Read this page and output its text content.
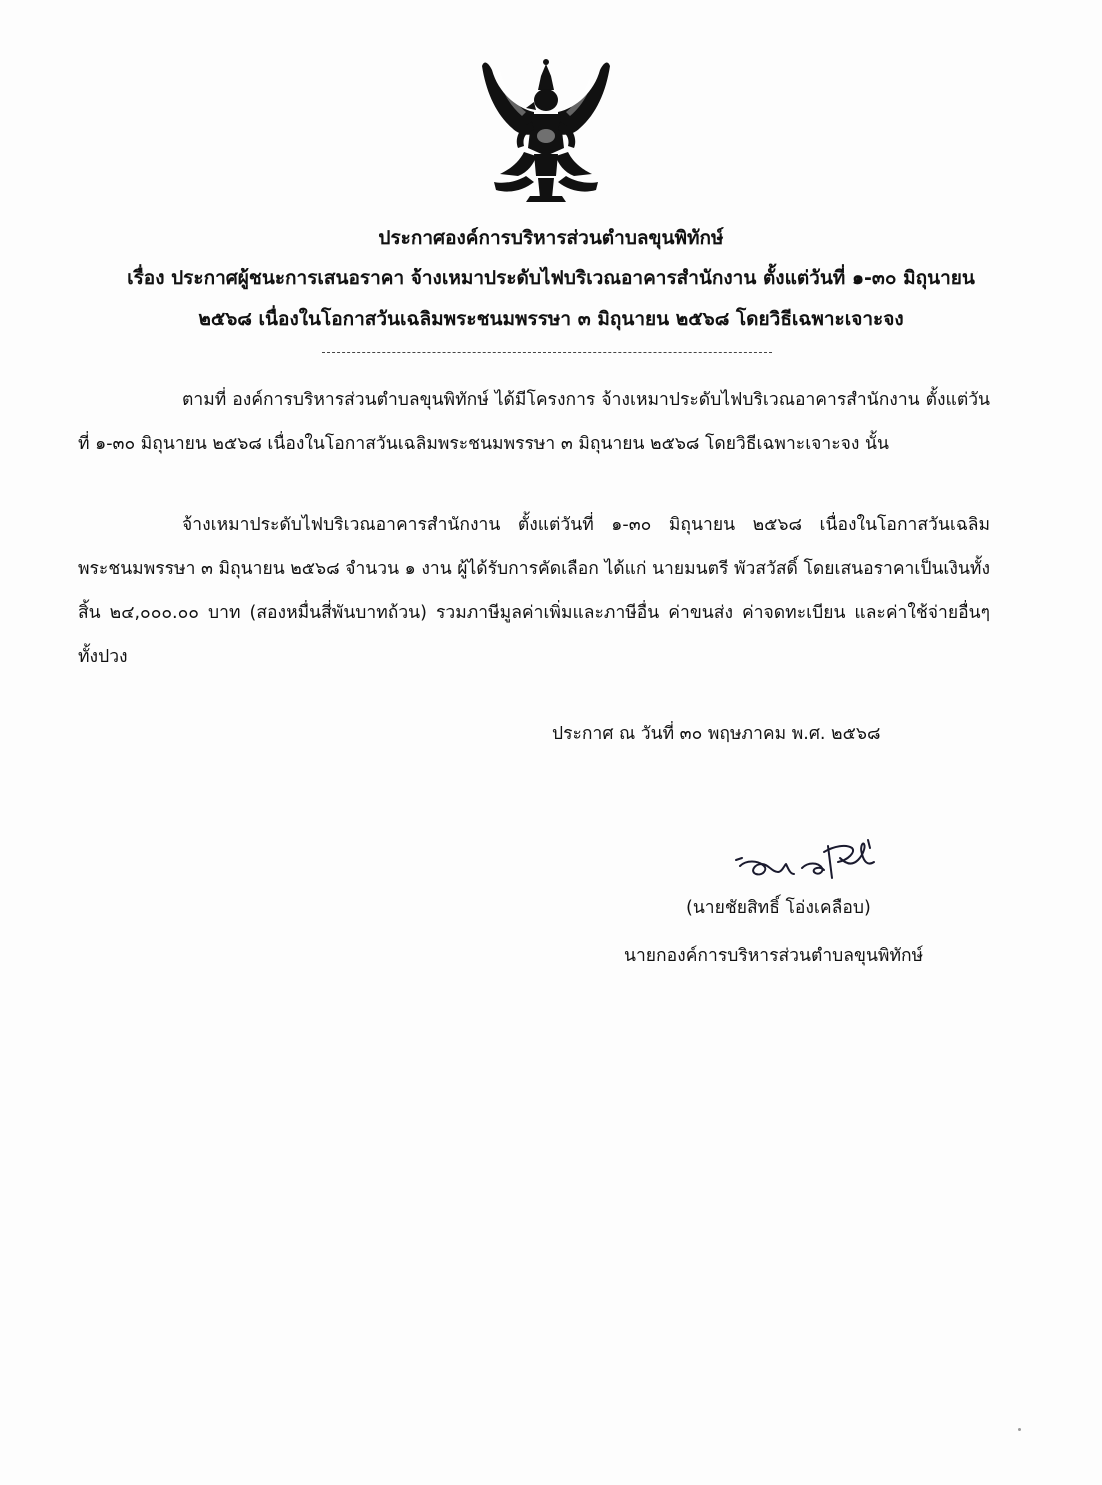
ประกาศองค์การบริหารส่วนตำบลขุนพิทักษ์
เรื่อง ประกาศผู้ชนะการเสนอราคา จ้างเหมาประดับไฟบริเวณอาคารสำนักงาน ตั้งแต่วันที่ ๑-๓๐ มิถุนายน
๒๕๖๘ เนื่องในโอกาสวันเฉลิมพระชนมพรรษา ๓ มิถุนายน ๒๕๖๘ โดยวิธีเฉพาะเจาะจง
ตามที่ องค์การบริหารส่วนตำบลขุนพิทักษ์ ได้มีโครงการ จ้างเหมาประดับไฟบริเวณอาคารสำนักงาน ตั้งแต่วันที่ ๑-๓๐ มิถุนายน ๒๕๖๘ เนื่องในโอกาสวันเฉลิมพระชนมพรรษา ๓ มิถุนายน ๒๕๖๘ โดยวิธีเฉพาะเจาะจง นั้น
จ้างเหมาประดับไฟบริเวณอาคารสำนักงาน ตั้งแต่วันที่ ๑-๓๐ มิถุนายน ๒๕๖๘ เนื่องในโอกาสวันเฉลิมพระชนมพรรษา ๓ มิถุนายน ๒๕๖๘ จำนวน ๑ งาน ผู้ได้รับการคัดเลือก ได้แก่ นายมนตรี พัวสวัสดิ์ โดยเสนอราคาเป็นเงินทั้งสิ้น ๒๔,๐๐๐.๐๐ บาท (สองหมื่นสี่พันบาทถ้วน) รวมภาษีมูลค่าเพิ่มและภาษีอื่น ค่าขนส่ง ค่าจดทะเบียน และค่าใช้จ่ายอื่นๆ ทั้งปวง
ประกาศ ณ วันที่ ๓๐ พฤษภาคม พ.ศ. ๒๕๖๘
(นายชัยสิทธิ์ โอ่งเคลือบ)
นายกองค์การบริหารส่วนตำบลขุนพิทักษ์
